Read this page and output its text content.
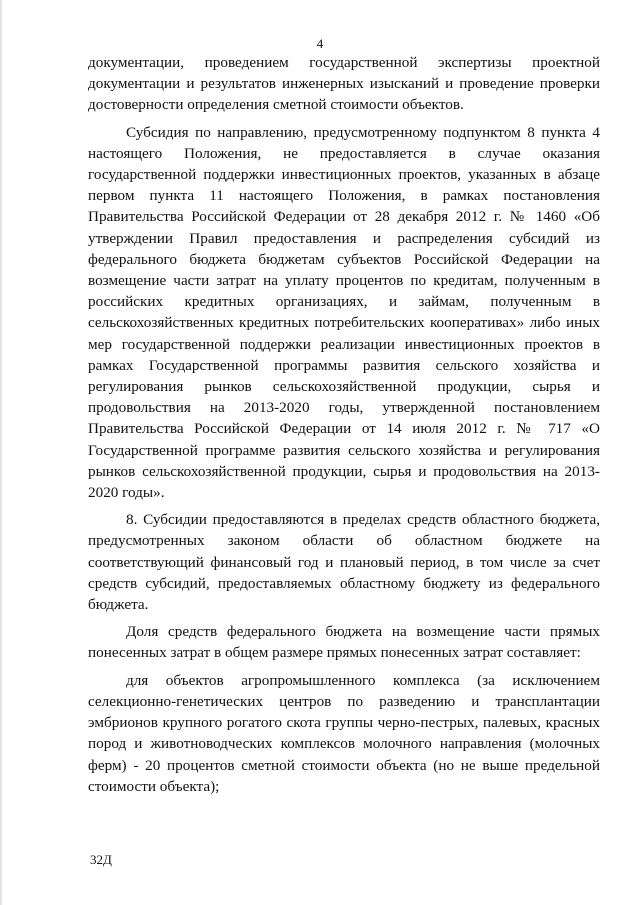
4

документации, проведением государственной экспертизы проектной документации и результатов инженерных изысканий и проведение проверки достоверности определения сметной стоимости объектов.

Субсидия по направлению, предусмотренному подпунктом 8 пункта 4 настоящего Положения, не предоставляется в случае оказания государственной поддержки инвестиционных проектов, указанных в абзаце первом пункта 11 настоящего Положения, в рамках постановления Правительства Российской Федерации от 28 декабря 2012 г. № 1460 «Об утверждении Правил предоставления и распределения субсидий из федерального бюджета бюджетам субъектов Российской Федерации на возмещение части затрат на уплату процентов по кредитам, полученным в российских кредитных организациях, и займам, полученным в сельскохозяйственных кредитных потребительских кооперативах» либо иных мер государственной поддержки реализации инвестиционных проектов в рамках Государственной программы развития сельского хозяйства и регулирования рынков сельскохозяйственной продукции, сырья и продовольствия на 2013-2020 годы, утвержденной постановлением Правительства Российской Федерации от 14 июля 2012 г. № 717 «О Государственной программе развития сельского хозяйства и регулирования рынков сельскохозяйственной продукции, сырья и продовольствия на 2013-2020 годы».

8. Субсидии предоставляются в пределах средств областного бюджета, предусмотренных законом области об областном бюджете на соответствующий финансовый год и плановый период, в том числе за счет средств субсидий, предоставляемых областному бюджету из федерального бюджета.

Доля средств федерального бюджета на возмещение части прямых понесенных затрат в общем размере прямых понесенных затрат составляет:

для объектов агропромышленного комплекса (за исключением селекционно-генетических центров по разведению и трансплантации эмбрионов крупного рогатого скота группы черно-пестрых, палевых, красных пород и животноводческих комплексов молочного направления (молочных ферм) - 20 процентов сметной стоимости объекта (но не выше предельной стоимости объекта);

32Д
